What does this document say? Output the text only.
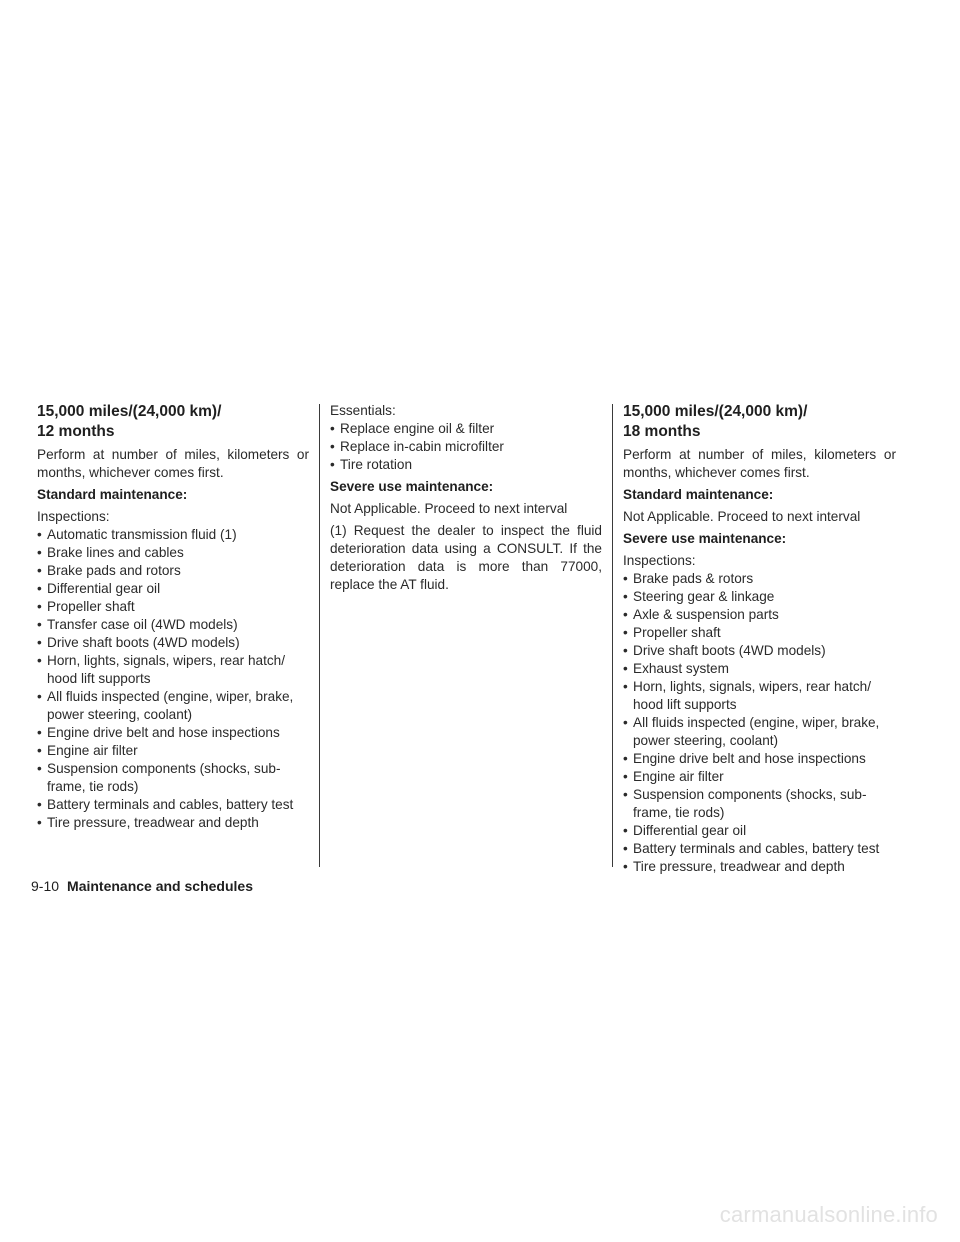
15,000 miles/(24,000 km)/
12 months

Perform at number of miles, kilometers or months, whichever comes first.

Standard maintenance:

Inspections:

• Automatic transmission fluid (1)
• Brake lines and cables
• Brake pads and rotors
• Differential gear oil
• Propeller shaft
• Transfer case oil (4WD models)
• Drive shaft boots (4WD models)
• Horn, lights, signals, wipers, rear hatch/ hood lift supports
• All fluids inspected (engine, wiper, brake, power steering, coolant)
• Engine drive belt and hose inspections
• Engine air filter
• Suspension components (shocks, sub-frame, tie rods)
• Battery terminals and cables, battery test
• Tire pressure, treadwear and depth

Essentials:

• Replace engine oil & filter
• Replace in-cabin microfilter
• Tire rotation

Severe use maintenance:

Not Applicable. Proceed to next interval

(1) Request the dealer to inspect the fluid deterioration data using a CONSULT. If the deterioration data is more than 77000, replace the AT fluid.

15,000 miles/(24,000 km)/
18 months

Perform at number of miles, kilometers or months, whichever comes first.

Standard maintenance:

Not Applicable. Proceed to next interval

Severe use maintenance:

Inspections:

• Brake pads & rotors
• Steering gear & linkage
• Axle & suspension parts
• Propeller shaft
• Drive shaft boots (4WD models)
• Exhaust system
• Horn, lights, signals, wipers, rear hatch/ hood lift supports
• All fluids inspected (engine, wiper, brake, power steering, coolant)
• Engine drive belt and hose inspections
• Engine air filter
• Suspension components (shocks, sub-frame, tie rods)
• Differential gear oil
• Battery terminals and cables, battery test
• Tire pressure, treadwear and depth
9-10 Maintenance and schedules
carmanualsonline.info
